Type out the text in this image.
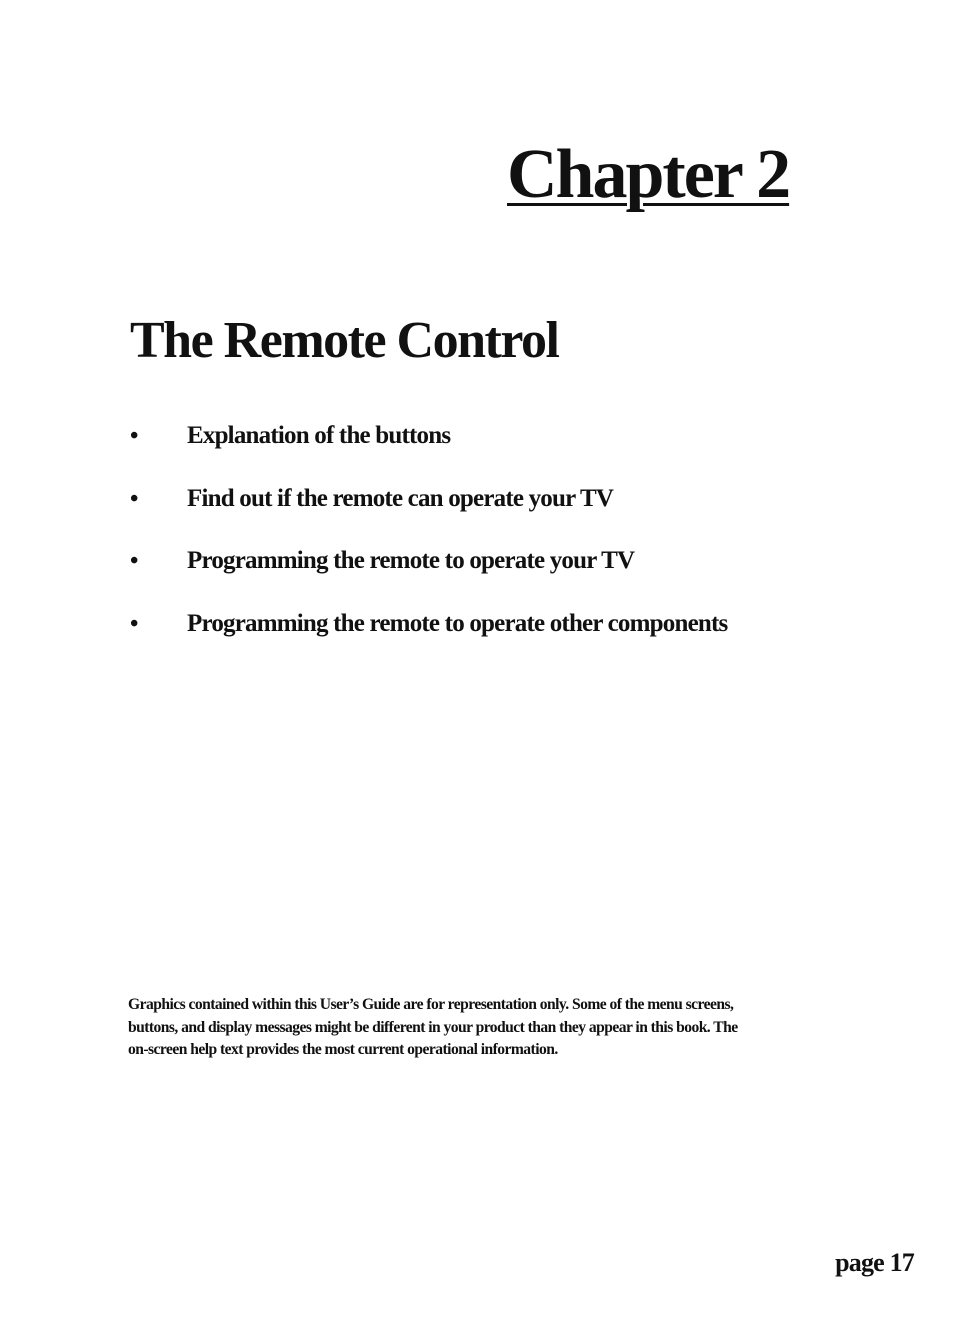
Chapter 2
The Remote Control
•	Explanation of the buttons
•	Find out if the remote can operate your TV
•	Programming the remote to operate your TV
•	Programming the remote to operate other components

Graphics contained within this User’s Guide are for representation only. Some of the menu screens,
buttons, and display messages might be different in your product than they appear in this book. The
on-screen help text provides the most current operational information.

page 17
